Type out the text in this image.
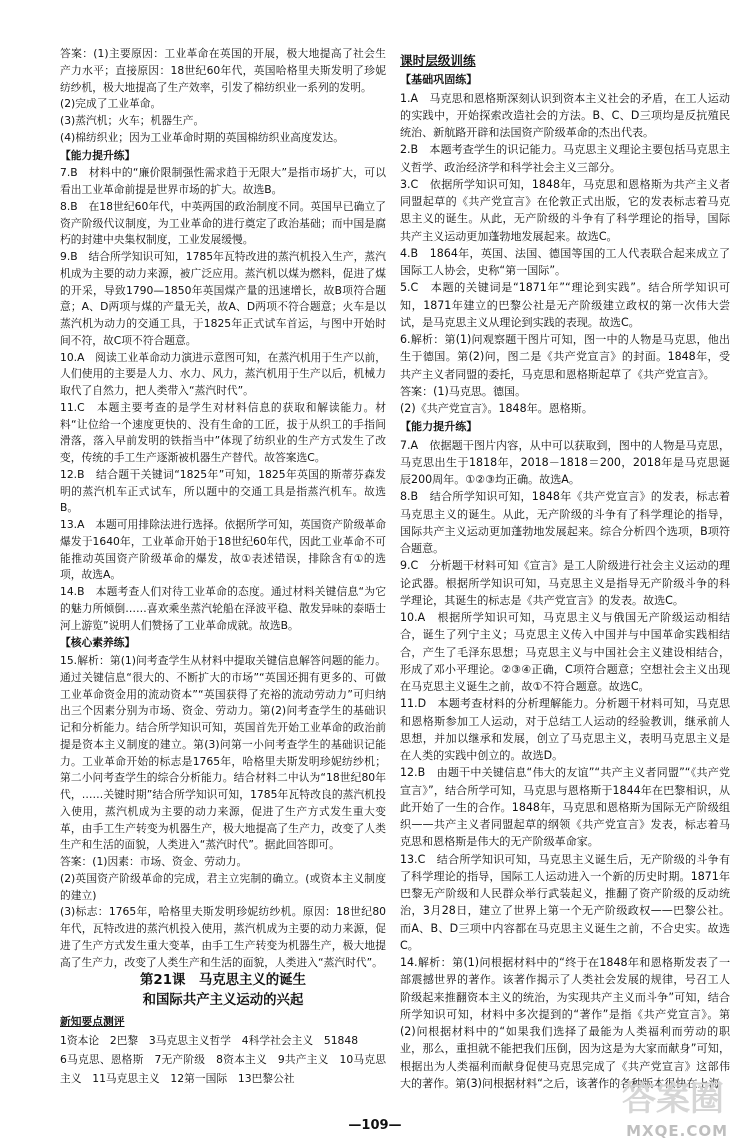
答案：(1)主要原因：工业革命在英国的开展，极大地提高了社会生产力水平；直接原因：18世纪60年代，英国哈格里夫斯发明了珍妮纺纱机，极大地提高了生产效率，引发了棉纺织业一系列的发明。

(2)完成了工业革命。

(3)蒸汽机；火车；机器生产。

(4)棉纺织业；因为工业革命时期的英国棉纺织业高度发达。

【能力提升练】

7.B　材料中的“廉价限制强性需求趋于无限大”是指市场扩大，可以看出工业革命前提是世界市场的扩大。故选B。

8.B　在18世纪60年代，中英两国的政治制度不同。英国早已确立了资产阶级代议制度，为工业革命的进行奠定了政治基础；而中国是腐朽的封建中央集权制度，工业发展缓慢。

9.B　结合所学知识可知，1785年瓦特改进的蒸汽机投入生产，蒸汽机成为主要的动力来源，被广泛应用。蒸汽机以煤为燃料，促进了煤的开采，导致1790—1850年英国煤产量的迅速增长，故B项符合题意；A、D两项与煤的产量无关，故A、D两项不符合题意；火车是以蒸汽机为动力的交通工具，于1825年正式试车首运，与图中开始时间不符，故C项不符合题意。

10.A　阅读工业革命动力演进示意图可知，在蒸汽机用于生产以前，人们使用的主要是人力、水力、风力，蒸汽机用于生产以后，机械力取代了自然力，把人类带入“蒸汽时代”。

11.C　本题主要考查的是学生对材料信息的获取和解读能力。材料“让位给一个速度更快的、没有生命的工匠，拔于从织工的手指间滑落，落入早前发明的铁指当中”体现了纺织业的生产方式发生了改变，传统的手工生产逐渐被机器生产替代。故答案选C。

12.B　结合题干关键词“1825年”可知，1825年英国的斯蒂芬森发明的蒸汽机车正式试车，所以题中的交通工具是指蒸汽机车。故选B。

13.A　本题可用排除法进行选择。依据所学可知，英国资产阶级革命爆发于1640年，工业革命开始于18世纪60年代，因此工业革命不可能推动英国资产阶级革命的爆发，故①表述错误，排除含有①的选项，故选A。

14.B　本题考查人们对待工业革命的态度。通过材料关键信息“为它的魅力所倾倒……喜欢乘坐蒸汽轮船在泽波平稳、散发异味的泰晤士河上游览”说明人们赞扬了工业革命成就。故选B。

【核心素养练】

15.解析：第(1)问考查学生从材料中提取关键信息解答问题的能力。通过关键信息“很大的、不断扩大的市场”“英国还拥有更多的、可做工业革命资金用的流动资本”“英国获得了充裕的流动劳动力”可归纳出三个因素分别为市场、资金、劳动力。第(2)问考查学生的基础识记和分析能力。结合所学知识可知，英国首先开始工业革命的政治前提是资本主义制度的建立。第(3)问第一小问考查学生的基础识记能力。工业革命开始的标志是1765年，哈格里夫斯发明珍妮纺纱机；第二小问考查学生的综合分析能力。结合材料二中认为“18世纪80年代，……关键时期”结合所学知识可知，1785年瓦特改良的蒸汽机投入使用，蒸汽机成为主要的动力来源，促进了生产方式发生重大变革，由手工生产转变为机器生产，极大地提高了生产力，改变了人类生产和生活的面貌，人类进入“蒸汽时代”。据此回答即可。

答案：(1)因素：市场、资金、劳动力。

(2)英国资产阶级革命的完成，君主立宪制的确立。(或资本主义制度的建立)

(3)标志：1765年，哈格里夫斯发明珍妮纺纱机。原因：18世纪80年代，瓦特改进的蒸汽机投入使用，蒸汽机成为主要的动力来源，促进了生产方式发生重大变革，由手工生产转变为机器生产，极大地提高了生产力，改变了人类生产和生活的面貌，人类进入“蒸汽时代”。

第21课　马克思主义的诞生
和国际共产主义运动的兴起
新知要点测评

1资本论　2巴黎　3马克思主义哲学　4科学社会主义　51848

6马克思、恩格斯　7无产阶级　8资本主义　9共产主义　10马克思主义　11马克思主义　12第一国际　13巴黎公社

课时层级训练
【基础巩固练】

1.A　马克思和恩格斯深刻认识到资本主义社会的矛盾，在工人运动的实践中，开始探索改造社会的方法。B、C、D三项均是反抗殖民统治、新航路开辟和法国资产阶级革命的杰出代表。

2.B　本题考查学生的识记能力。马克思主义理论主要包括马克思主义哲学、政治经济学和科学社会主义三部分。

3.C　依据所学知识可知，1848年，马克思和恩格斯为共产主义者同盟起草的《共产党宣言》在伦敦正式出版，它的发表标志着马克思主义的诞生。从此，无产阶级的斗争有了科学理论的指导，国际共产主义运动更加蓬勃地发展起来。故选C。

4.B　1864年，英国、法国、德国等国的工人代表联合起来成立了国际工人协会，史称“第一国际”。

5.C　本题的关键词是“1871年”“理论到实践”。结合所学知识可知，1871年建立的巴黎公社是无产阶级建立政权的第一次伟大尝试，是马克思主义从理论到实践的表现。故选C。

6.解析：第(1)问观察题干图片可知，图一中的人物是马克思，他出生于德国。第(2)问，图二是《共产党宣言》的封面。1848年，受共产主义者同盟的委托，马克思和恩格斯起草了《共产党宣言》。

答案：(1)马克思。德国。

(2)《共产党宣言》。1848年。恩格斯。

【能力提升练】

7.A　依据题干图片内容，从中可以获取到，图中的人物是马克思，马克思出生于1818年，2018－1818＝200，2018年是马克思诞辰200周年。①②③均正确。故选A。

8.B　结合所学知识可知，1848年《共产党宣言》的发表，标志着马克思主义的诞生。从此，无产阶级的斗争有了科学理论的指导，国际共产主义运动更加蓬勃地发展起来。综合分析四个选项，B项符合题意。

9.C　分析题干材料可知《宣言》是工人阶级进行社会主义运动的理论武器。根据所学知识可知，马克思主义是指导无产阶级斗争的科学理论，其诞生的标志是《共产党宣言》的发表。故选C。

10.A　根据所学知识可知，马克思主义与俄国无产阶级运动相结合，诞生了列宁主义；马克思主义传入中国并与中国革命实践相结合，产生了毛泽东思想；马克思主义与中国社会主义建设相结合，形成了邓小平理论。②③④正确，C项符合题意；空想社会主义出现在马克思主义诞生之前，故①不符合题意。故选C。

11.D　本题考查材料的分析理解能力。分析题干材料可知，马克思和恩格斯参加工人运动，对于总结工人运动的经验教训，继承前人思想，并加以继承和发展，创立了马克思主义，表明马克思主义是在人类的实践中创立的。故选D。

12.B　由题干中关键信息“伟大的友谊”“共产主义者同盟”“《共产党宣言》”，结合所学可知，马克思与恩格斯于1844年在巴黎相识，从此开始了一生的合作。1848年，马克思和恩格斯为国际无产阶级组织——共产主义者同盟起草的纲领《共产党宣言》发表，标志着马克思和恩格斯是伟大的无产阶级革命家。

13.C　结合所学知识可知，马克思主义诞生后，无产阶级的斗争有了科学理论的指导，国际工人运动进入一个新的历史时期。1871年巴黎无产阶级和人民群众举行武装起义，推翻了资产阶级的反动统治，3月28日，建立了世界上第一个无产阶级政权——巴黎公社。而A、B、D三项中内容都在马克思主义诞生之前，不合史实。故选C。

14.解析：第(1)问根据材料中的“终于在1848年和恩格斯发表了一部震撼世界的著作。该著作揭示了人类社会发展的规律，号召工人阶级起来推翻资本主义的统治，为实现共产主义而斗争”可知，结合所学知识可知，材料中多次提到的“著作”是指《共产党宣言》。第(2)问根据材料中的“如果我们选择了最能为人类福利而劳动的职业，那么，重担就不能把我们压倒，因为这是为大家而献身”可知，根据出为人类福利而献身促使马克思完成了《共产党宣言》这部伟大的著作。第(3)问根据材料“之后，该著作的各种版本很快在上海

—109—
答案圈
MXQE.COM
